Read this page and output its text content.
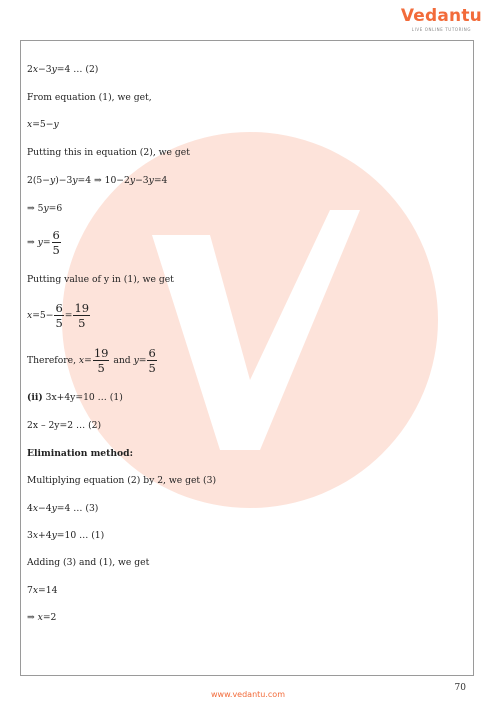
Vedantu
LIVE ONLINE TUTORING
2x−3y=4 … (2)
From equation (1), we get,
x=5−y
Putting this in equation (2), we get
2(5−y)−3y=4 ⇒ 10−2y−3y=4
⇒ 5y=6
⇒ $y= \frac{6}{5}$
Putting value of y in (1), we get
$x=5- \frac{6}{5} = \frac{19}{5}$
Therefore, $x= \frac{19}{5}$ and $y= \frac{6}{5}$
(ii) 3x+4y=10 … (1)
2x – 2y=2 … (2)
Elimination method:
Multiplying equation (2) by 2, we get (3)
4x−4y=4 … (3)
3x+4y=10 … (1)
Adding (3) and (1), we get
7x=14
⇒ x=2
70
www.vedantu.com
